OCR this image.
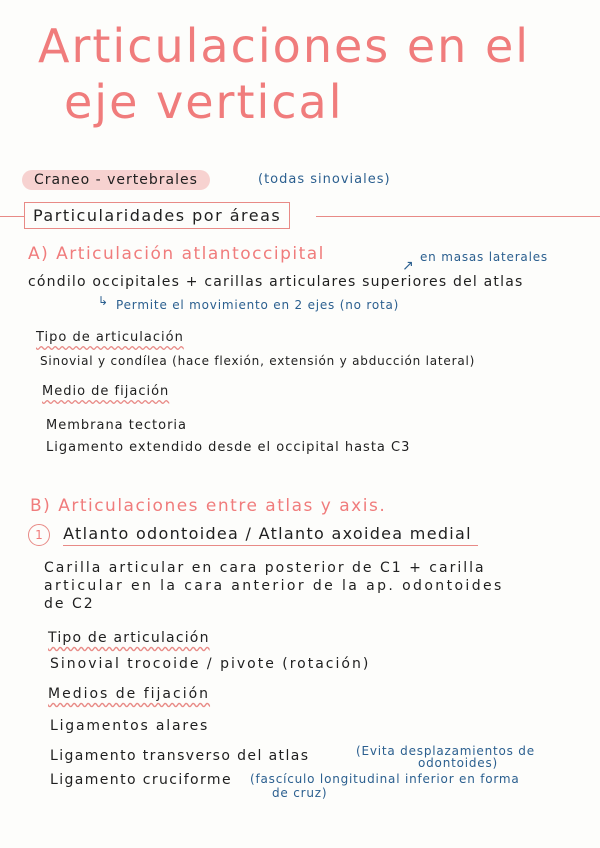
Articulaciones en el
eje vertical
Craneo - vertebrales	(todas sinoviales)
Particularidades por áreas
A) Articulación atlantoccipital	en masas laterales
↗
cóndilo occipitales + carillas articulares superiores del atlas
↳ Permite el movimiento en 2 ejes (no rota)
Tipo de articulación
Sinovial y condílea (hace flexión, extensión y abducción lateral)
Medio de fijación
Membrana tectoria
Ligamento extendido desde el occipital hasta C3
B) Articulaciones entre atlas y axis.
1 Atlanto odontoidea / Atlanto axoidea medial
Carilla articular en cara posterior de C1 + carilla
articular en la cara anterior de la ap. odontoides
de C2
Tipo de articulación
Sinovial trocoide / pivote (rotación)
Medios de fijación
Ligamentos alares
Ligamento transverso del atlas	(Evita desplazamientos de
odontoides)
Ligamento cruciforme (fascículo longitudinal inferior en forma
de cruz)
